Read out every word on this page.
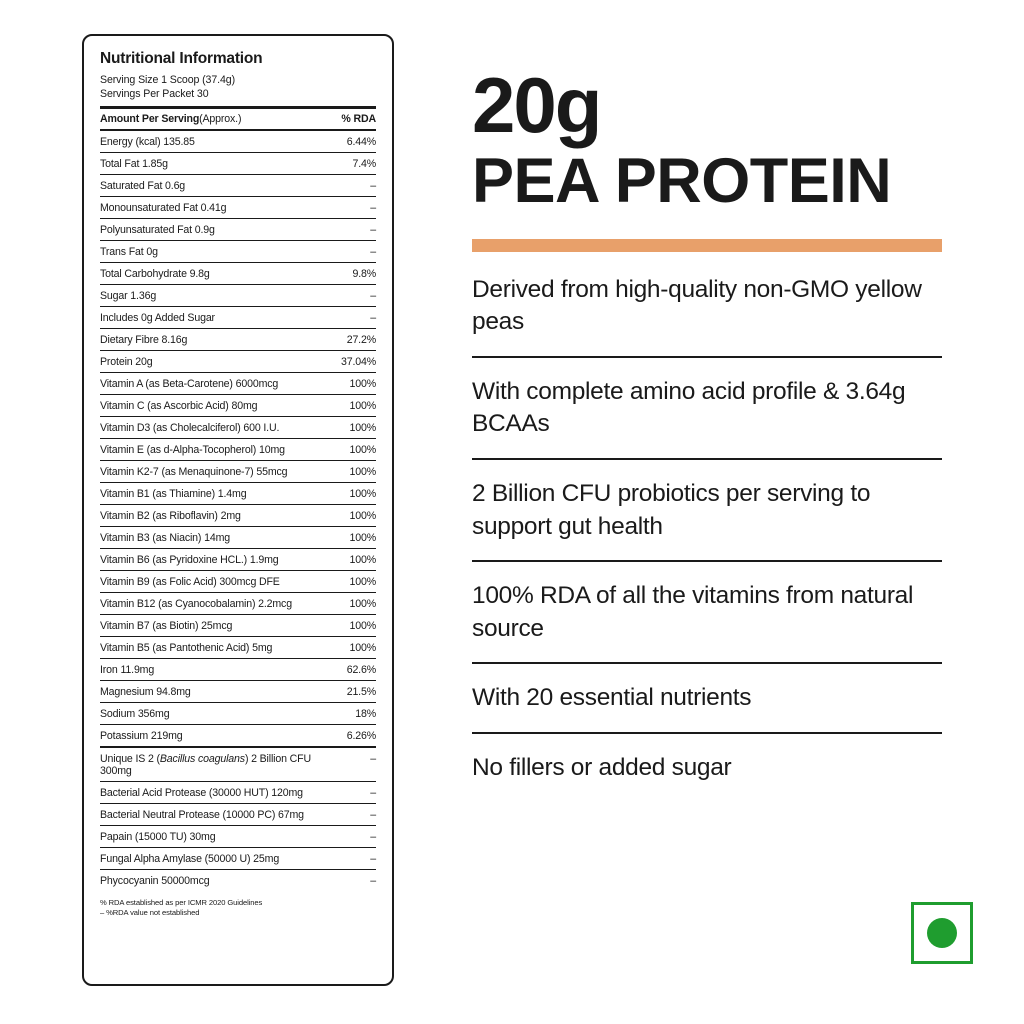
Nutritional Information
Serving Size 1 Scoop (37.4g)
Servings Per Packet 30
Amount Per Serving(Approx.)	% RDA
Energy (kcal) 135.85	6.44%
Total Fat 1.85g	7.4%
Saturated Fat 0.6g	–
Monounsaturated Fat 0.41g	–
Polyunsaturated Fat 0.9g	–
Trans Fat 0g	–
Total Carbohydrate 9.8g	9.8%
Sugar 1.36g	–
Includes 0g Added Sugar	–
Dietary Fibre 8.16g	27.2%
Protein 20g	37.04%
Vitamin A (as Beta-Carotene) 6000mcg	100%
Vitamin C (as Ascorbic Acid) 80mg	100%
Vitamin D3 (as Cholecalciferol) 600 I.U.	100%
Vitamin E (as d-Alpha-Tocopherol) 10mg	100%
Vitamin K2-7 (as Menaquinone-7) 55mcg	100%
Vitamin B1 (as Thiamine) 1.4mg	100%
Vitamin B2 (as Riboflavin) 2mg	100%
Vitamin B3 (as Niacin) 14mg	100%
Vitamin B6 (as Pyridoxine HCL.) 1.9mg	100%
Vitamin B9 (as Folic Acid) 300mcg DFE	100%
Vitamin B12 (as Cyanocobalamin) 2.2mcg	100%
Vitamin B7 (as Biotin) 25mcg	100%
Vitamin B5 (as Pantothenic Acid) 5mg	100%
Iron 11.9mg	62.6%
Magnesium 94.8mg	21.5%
Sodium 356mg	18%
Potassium 219mg	6.26%
Unique IS 2 (Bacillus coagulans) 2 Billion CFU 300mg	–
Bacterial Acid Protease (30000 HUT) 120mg	–
Bacterial Neutral Protease (10000 PC) 67mg	–
Papain (15000 TU) 30mg	–
Fungal Alpha Amylase (50000 U) 25mg	–
Phycocyanin 50000mcg	–
% RDA established as per ICMR 2020 Guidelines
– %RDA value not established
20g
PEA PROTEIN
Derived from high-quality non-GMO yellow peas
With complete amino acid profile & 3.64g BCAAs
2 Billion CFU probiotics per serving to support gut health
100% RDA of all the vitamins from natural source
With 20 essential nutrients
No fillers or added sugar
